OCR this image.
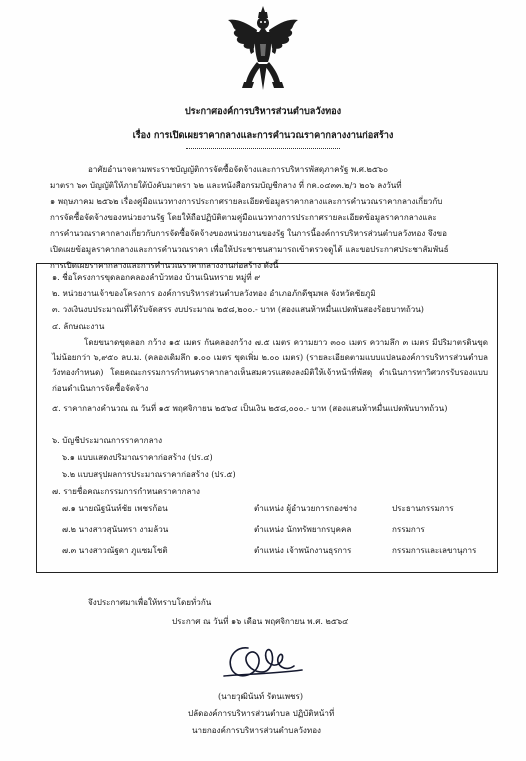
ประกาศองค์การบริหารส่วนตำบลวังทอง
เรื่อง การเปิดเผยราคากลางและการคำนวณราคากลางงานก่อสร้าง
อาศัยอำนาจตามพระราชบัญญัติการจัดซื้อจัดจ้างและการบริหารพัสดุภาครัฐ พ.ศ.๒๕๖๐
มาตรา ๖๓ บัญญัติให้ภายใต้บังคับมาตรา ๖๒ และหนังสือกรมบัญชีกลาง ที่ กค.๐๔๓๓.๒/ว ๒๐๖ ลงวันที่
๑ พฤษภาคม ๒๕๖๒ เรื่องคู่มือแนวทางการประกาศรายละเอียดข้อมูลราคากลางและการคำนวณราคากลางเกี่ยวกับ
การจัดซื้อจัดจ้างของหน่วยงานรัฐ โดยให้ถือปฏิบัติตามคู่มือแนวทางการประกาศรายละเอียดข้อมูลราคากลางและ
การคำนวณราคากลางเกี่ยวกับการจัดซื้อจัดจ้างของหน่วยงานของรัฐ ในการนี้องค์การบริหารส่วนตำบลวังทอง จึงขอ
เปิดเผยข้อมูลราคากลางและการคำนวณราคา เพื่อให้ประชาชนสามารถเข้าตรวจดูได้ และขอประกาศประชาสัมพันธ์
การเปิดเผยราคากลางและการคำนวณราคากลางงานก่อสร้าง ดังนี้
๑. ชื่อโครงการขุดลอกคลองลำบ้วทอง บ้านเนินทราย หมู่ที่ ๙
๒. หน่วยงานเจ้าของโครงการ องค์การบริหารส่วนตำบลวังทอง อำเภอภักดีชุมพล จังหวัดชัยภูมิ
๓. วงเงินงบประมาณที่ได้รับจัดสรร งบประมาณ ๒๕๘,๒๐๐.- บาท (สองแสนห้าหมื่นแปดพันสองร้อยบาทถ้วน)
๔. ลักษณะงาน
โดยขนาดขุดลอก กว้าง ๑๕ เมตร กันคลองกว้าง ๗.๕ เมตร ความยาว ๓๐๐ เมตร ความลึก ๓ เมตร มีปริมาตรดินขุดไม่น้อยกว่า ๖,๙๕๐ ลบ.ม. (คลองเดิมลึก ๑.๐๐ เมตร ขุดเพิ่ม ๒.๐๐ เมตร) (รายละเอียดตามแบบแปลนองค์การบริหารส่วนตำบลวังทองกำหนด) โดยคณะกรรมการกำหนดราคากลางเห็นสมควรแสดงลงมิติให้เจ้าหน้าที่พัสดุ ดำเนินการทาวิศวกรรับรองแบบก่อนดำเนินการจัดซื้อจัดจ้าง
๕. ราคากลางคำนวณ ณ วันที่ ๑๕ พฤศจิกายน ๒๕๖๔ เป็นเงิน ๒๕๘,๐๐๐.- บาท (สองแสนห้าหมื่นแปดพันบาทถ้วน)
๖. บัญชีประมาณการราคากลาง
๖.๑ แบบแสดงปริมาณราคาก่อสร้าง (ปร.๔)
๖.๒ แบบสรุปผลการประมาณราคาก่อสร้าง (ปร.๕)
๗. รายชื่อคณะกรรมการกำหนดราคากลาง
๗.๑ นายณัฐนันท์ชัย เพชรก้อน	ตำแหน่ง ผู้อำนวยการกองช่าง	ประธานกรรมการ
๗.๒ นางสาวสุนันทรา งามล้วน	ตำแหน่ง นักทรัพยากรบุคคล	กรรมการ
๗.๓ นางสาวณัฐดา ภูแซมโชติ	ตำแหน่ง เจ้าพนักงานธุรการ	กรรมการและเลขานุการ
จึงประกาศมาเพื่อให้ทราบโดยทั่วกัน
ประกาศ ณ วันที่ ๑๖ เดือน พฤศจิกายน พ.ศ. ๒๕๖๔
(นายวุฒินันท์ รัตนเพชร)
ปลัดองค์การบริหารส่วนตำบล ปฏิบัติหน้าที่
นายกองค์การบริหารส่วนตำบลวังทอง
